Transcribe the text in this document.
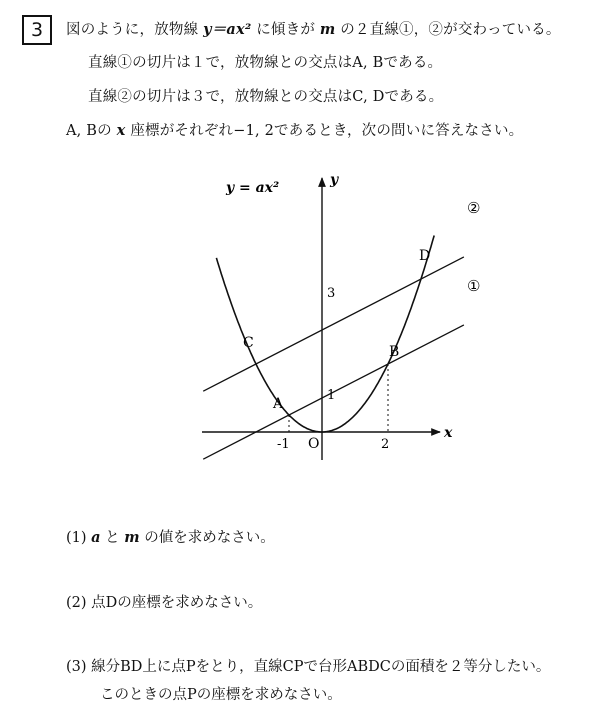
3 図のように，放物線 y＝ax² に傾きが m の２直線①，②が交わっている。
直線①の切片は１で，放物線との交点はA, Bである。
直線②の切片は３で，放物線との交点はC, Dである。
A, Bの x 座標がそれぞれ−1, 2であるとき，次の問いに答えなさい。
y = ax²
x
y
O
-1	2
1
3
A
B
C
D
①
②
(1) a と m の値を求めなさい。
(2) 点Dの座標を求めなさい。
(3) 線分BD上に点Pをとり，直線CPで台形ABDCの面積を２等分したい。
このときの点Pの座標を求めなさい。
